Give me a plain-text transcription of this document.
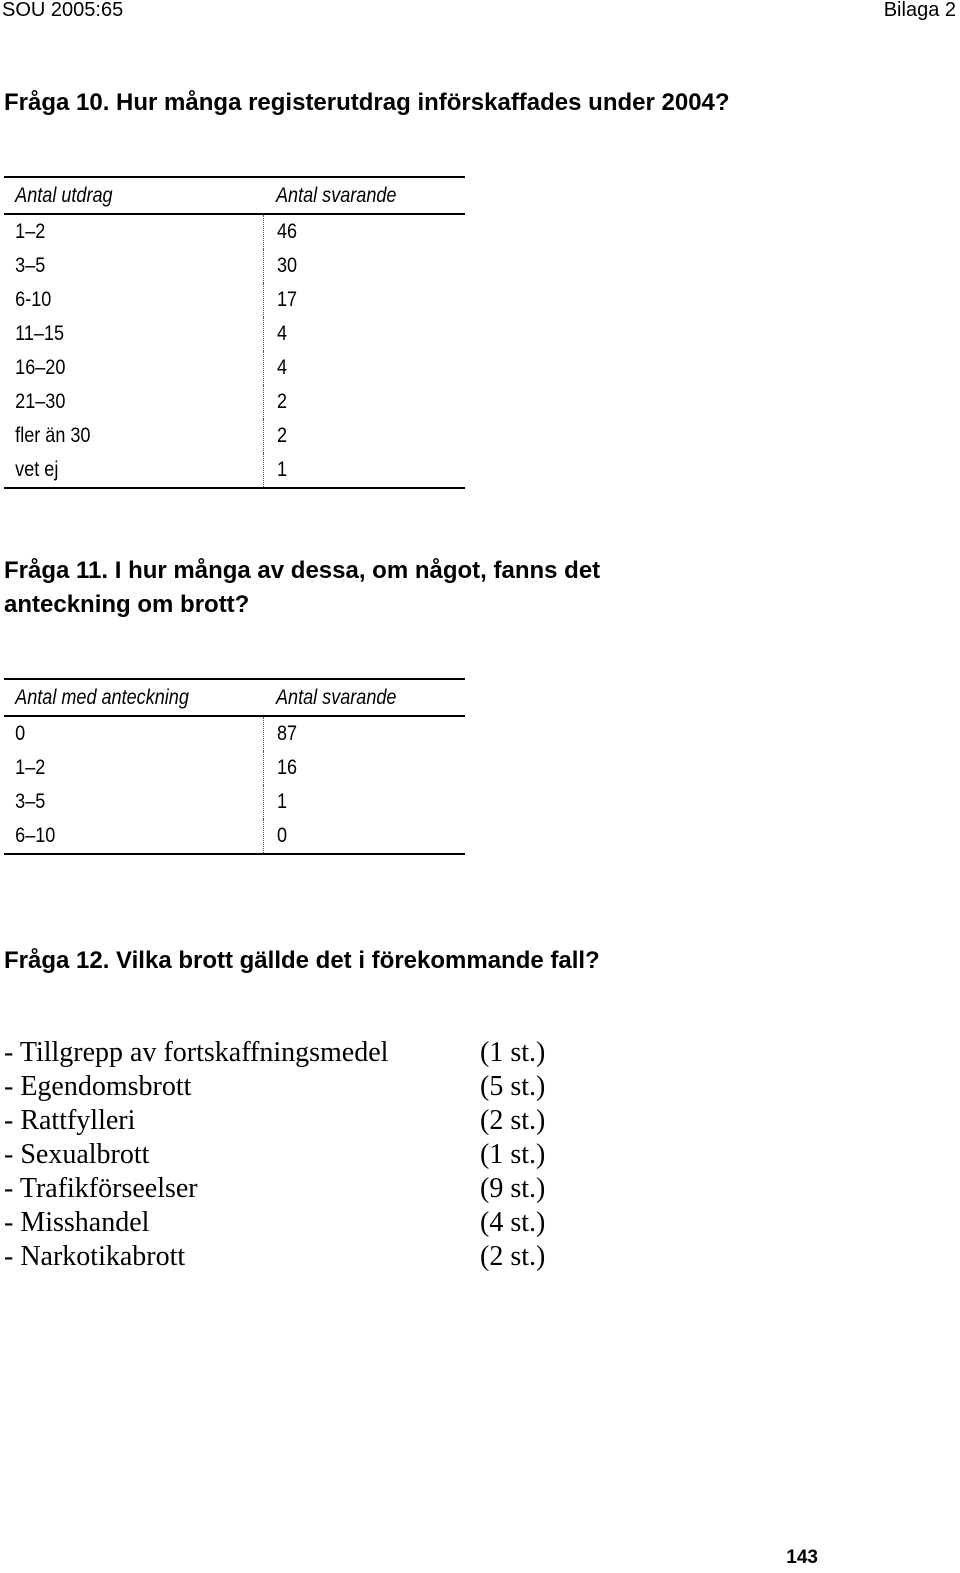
SOU 2005:65	Bilaga 2
Fråga 10. Hur många registerutdrag införskaffades under 2004?
Antal utdrag	Antal svarande
1–2	46
3–5	30
6-10	17
11–15	4
16–20	4
21–30	2
fler än 30	2
vet ej	1
Fråga 11. I hur många av dessa, om något, fanns det
anteckning om brott?
Antal med anteckning	Antal svarande
0	87
1–2	16
3–5	1
6–10	0
Fråga 12. Vilka brott gällde det i förekommande fall?
- Tillgrepp av fortskaffningsmedel	(1 st.)
- Egendomsbrott	(5 st.)
- Rattfylleri	(2 st.)
- Sexualbrott	(1 st.)
- Trafikförseelser	(9 st.)
- Misshandel	(4 st.)
- Narkotikabrott	(2 st.)
143
